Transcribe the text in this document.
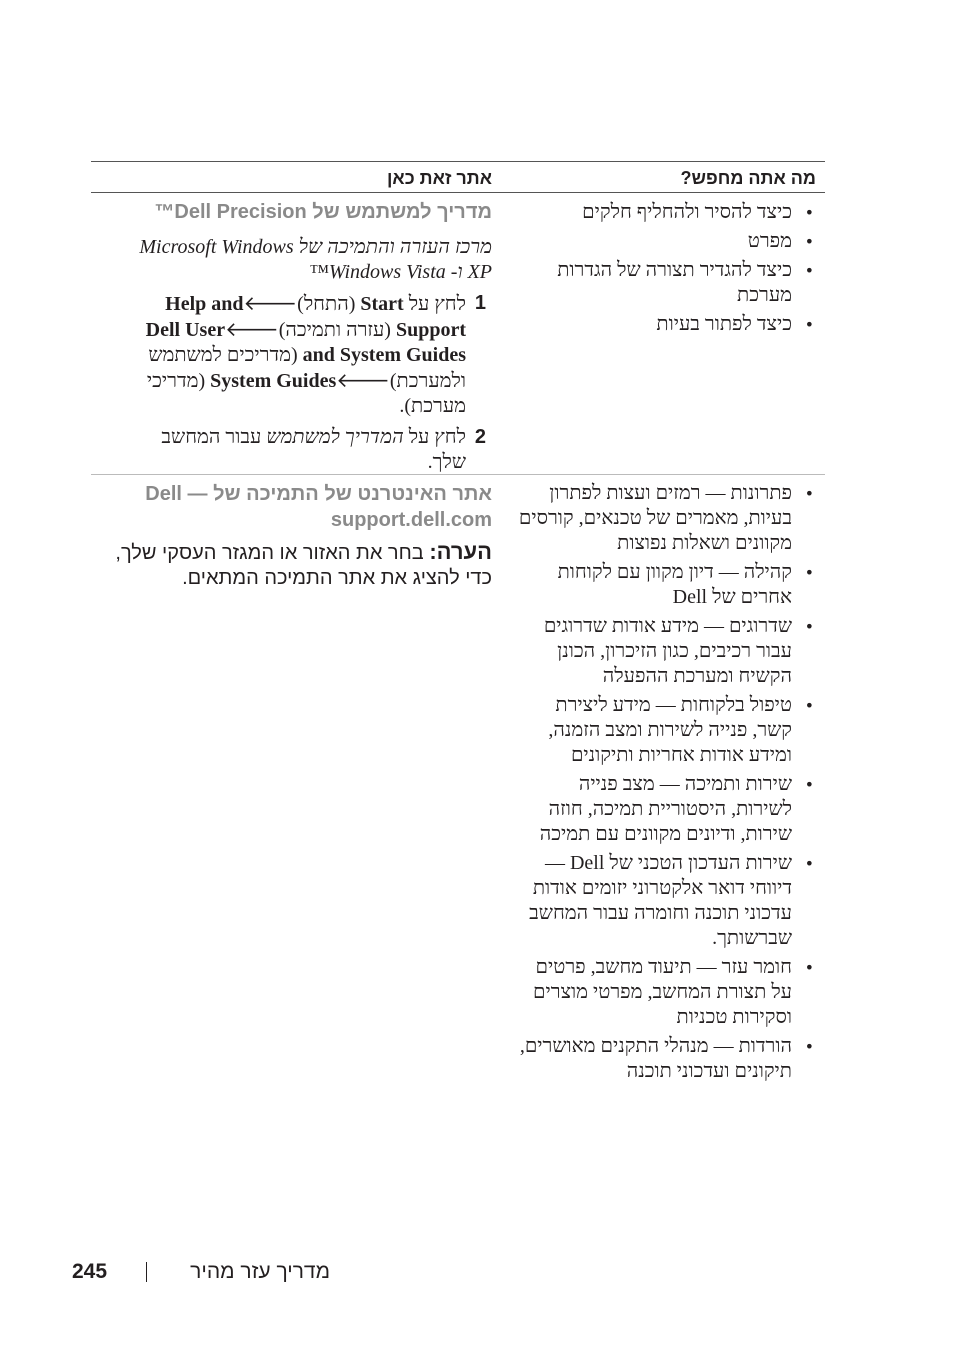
מה אתה מחפש?
אתר זאת כאן
•
כיצד להסיר ולהחליף חלקים
•
מפרט
•
כיצד להגדיר תצורה של הגדרות מערכת
•
כיצד לפתור בעיות
מדריך למשתמש של Dell Precision™
מרכז העזרה והתמיכה של Microsoft Windows XP ו- Windows Vista™
1
לחץ על Start (התחל)🡐Help and Support (עזרה ותמיכה)🡐Dell User and System Guides (מדריכים למשתמש ולמערכת)🡐System Guides (מדריכי מערכת).
2
לחץ על המדריך למשתמש עבור המחשב שלך.
•
פתרונות — רמזים ועצות לפתרון בעיות, מאמרים של טכנאים, קורסים מקוונים ושאלות נפוצות
•
קהילה — דיון מקוון עם לקוחות אחרים של Dell
•
שדרוגים — מידע אודות שדרוגים עבור רכיבים, כגון הזיכרון, הכונן הקשיח ומערכת ההפעלה
•
טיפול בלקוחות — מידע ליצירת קשר, פנייה לשירות ומצב הזמנה, ומידע אודות אחריות ותיקונים
•
שירות ותמיכה — מצב פנייה לשירות, היסטוריית תמיכה, חוזה שירות, ודיונים מקוונים עם תמיכה
•
שירות העדכון הטכני של Dell — דיווחי דואר אלקטרוני יזומים אודות עדכוני תוכנה וחומרה עבור המחשב שברשותך.
•
חומר עזר — תיעוד מחשב, פרטים על תצורת המחשב, מפרטי מוצרים וסקירות טכניות
•
הורדות — מנהלי התקנים מאושרים, תיקונים ועדכוני תוכנה
אתר האינטרנט של התמיכה של Dell — support.dell.com
הערה: בחר את האזור או המגזר העסקי שלך, כדי להציג את אתר התמיכה המתאים.
מדריך עזר מהיר
245
